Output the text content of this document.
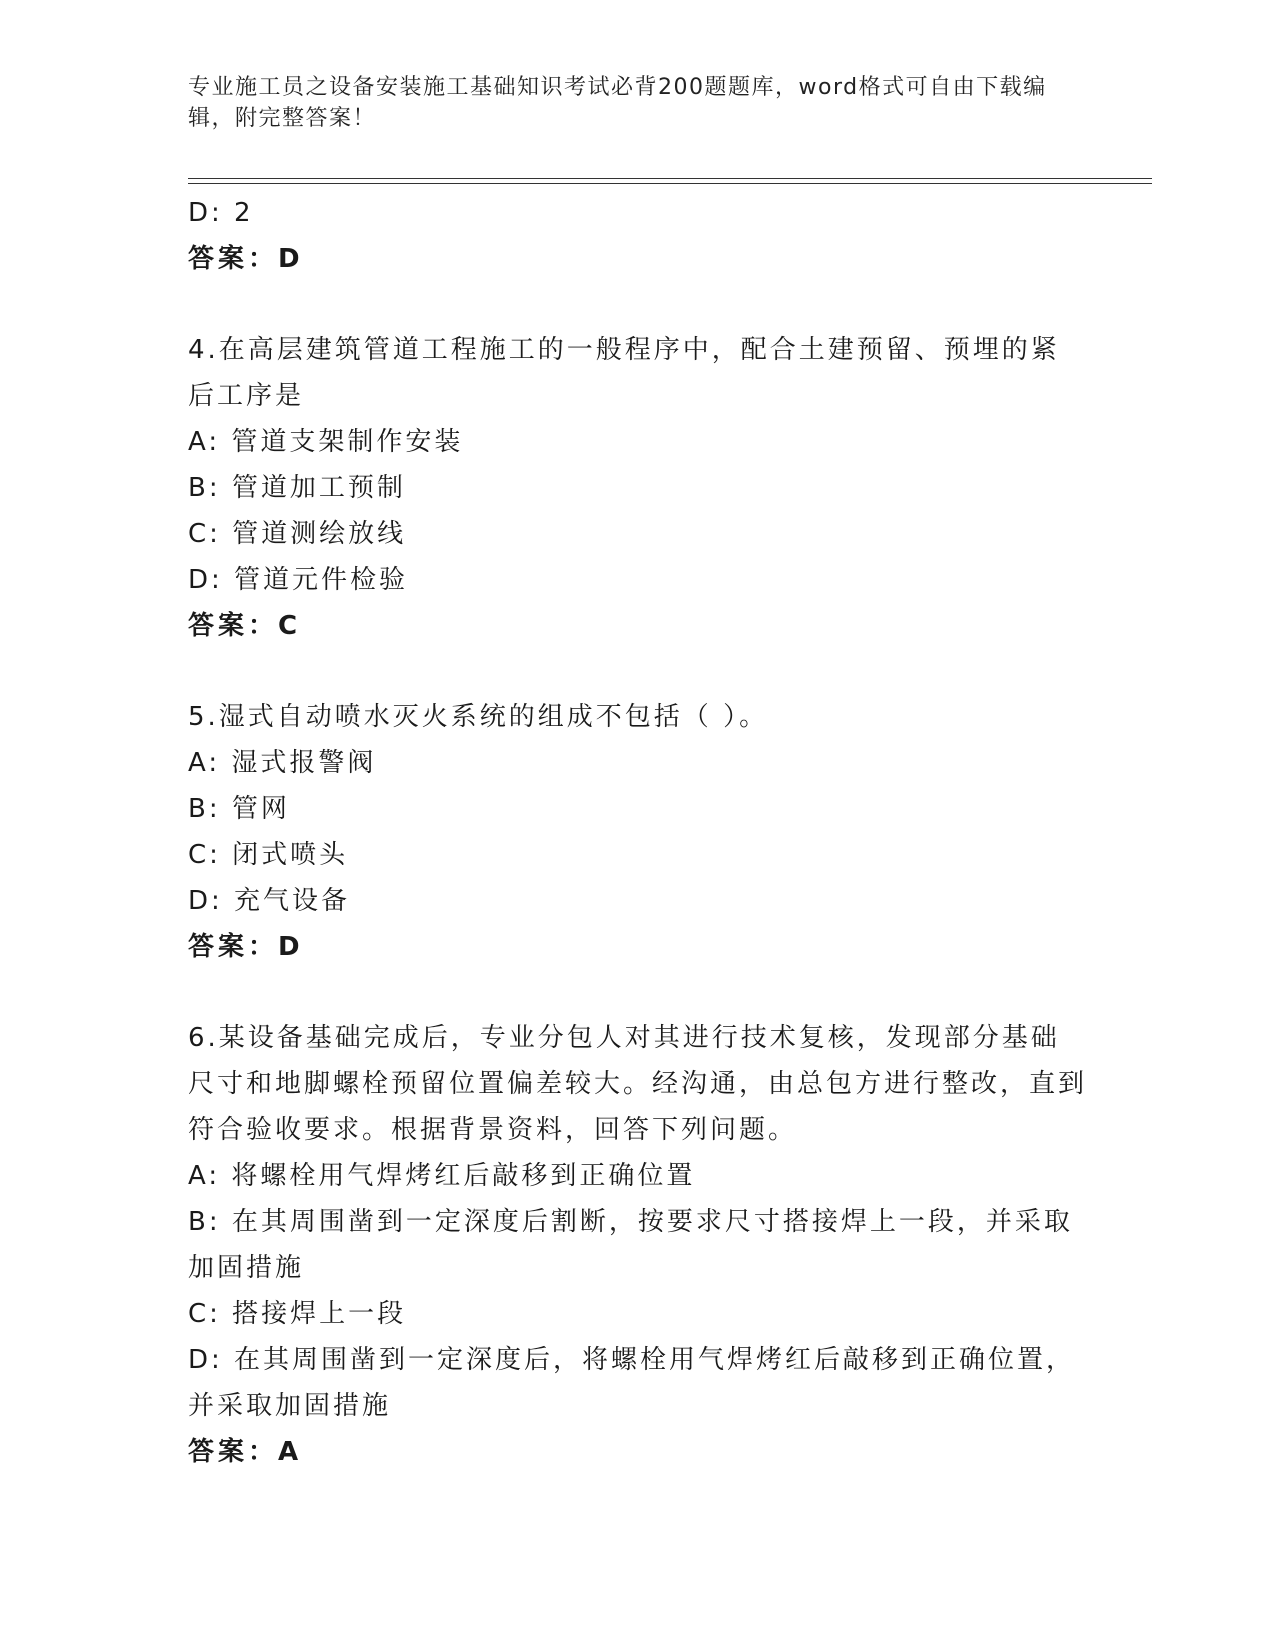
专业施工员之设备安装施工基础知识考试必背200题题库，word格式可自由下载编辑，附完整答案！
D: 2
答案：D
4.在高层建筑管道工程施工的一般程序中，配合土建预留、预埋的紧后工序是
A: 管道支架制作安装
B: 管道加工预制
C: 管道测绘放线
D: 管道元件检验
答案：C
5.湿式自动喷水灭火系统的组成不包括（ ）。
A: 湿式报警阀
B: 管网
C: 闭式喷头
D: 充气设备
答案：D
6.某设备基础完成后，专业分包人对其进行技术复核，发现部分基础尺寸和地脚螺栓预留位置偏差较大。经沟通，由总包方进行整改，直到符合验收要求。根据背景资料，回答下列问题。
A: 将螺栓用气焊烤红后敲移到正确位置
B: 在其周围凿到一定深度后割断，按要求尺寸搭接焊上一段，并采取加固措施
C: 搭接焊上一段
D: 在其周围凿到一定深度后，将螺栓用气焊烤红后敲移到正确位置，并采取加固措施
答案：A
